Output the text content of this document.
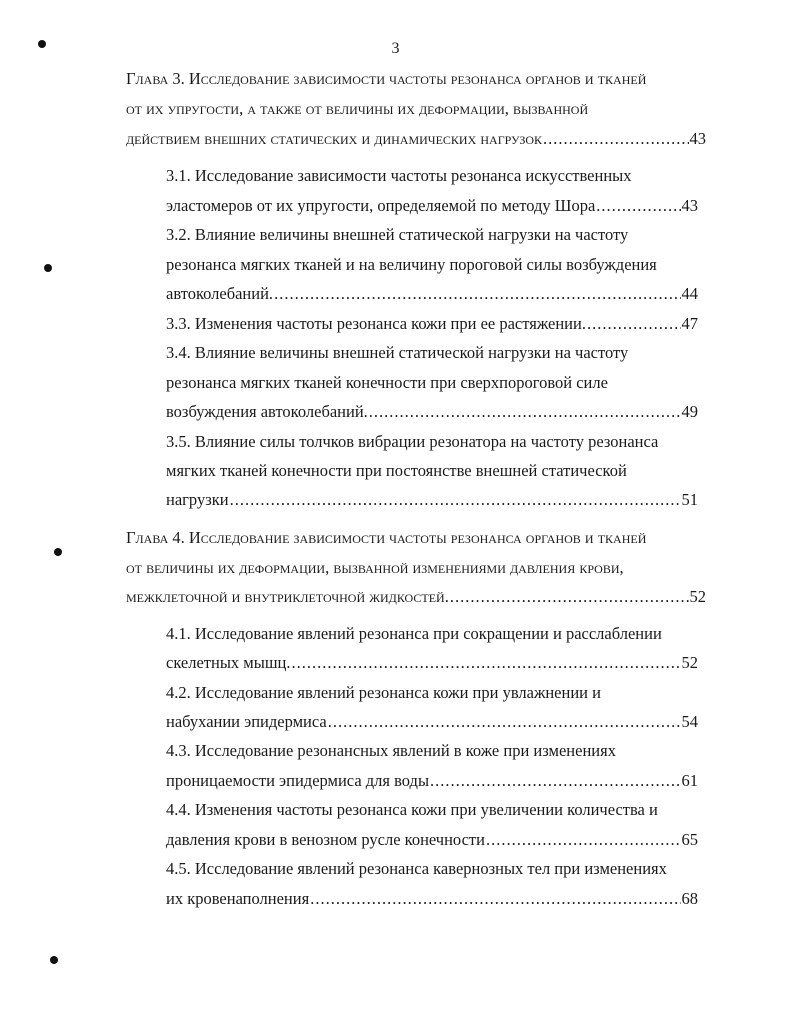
3
Глава 3. Исследование зависимости частоты резонанса органов и тканей
от их упругости, а также от величины их деформации, вызванной
действием внешних статических и динамических нагрузок .....	43
3.1. Исследование зависимости частоты резонанса искусственных
эластомеров от их упругости, определяемой по методу Шора .....	43
3.2. Влияние величины внешней статической нагрузки на частоту
резонанса мягких тканей и на величину пороговой силы возбуждения
автоколебаний. .....	44
3.3. Изменения частоты резонанса кожи при ее растяжении. .....	47
3.4. Влияние величины внешней статической нагрузки на частоту
резонанса мягких тканей конечности при сверхпороговой силе
возбуждения автоколебаний. .....	49
3.5. Влияние силы толчков вибрации резонатора на частоту резонанса
мягких тканей конечности при постоянстве внешней статической
нагрузки .....	51
Глава 4. Исследование зависимости частоты резонанса органов и тканей
от величины их деформации, вызванной изменениями давления крови,
межклеточной и внутриклеточной жидкостей. .....	52
4.1. Исследование явлений резонанса при сокращении и расслаблении
скелетных мышц. .....	52
4.2. Исследование явлений резонанса кожи при увлажнении и
набухании эпидермиса .....	54
4.3. Исследование резонансных явлений в коже при изменениях
проницаемости эпидермиса для воды .....	61
4.4. Изменения частоты резонанса кожи при увеличении количества и
давления крови в венозном русле конечности .....	65
4.5. Исследование явлений резонанса кавернозных тел при изменениях
их кровенаполнения .....	68
